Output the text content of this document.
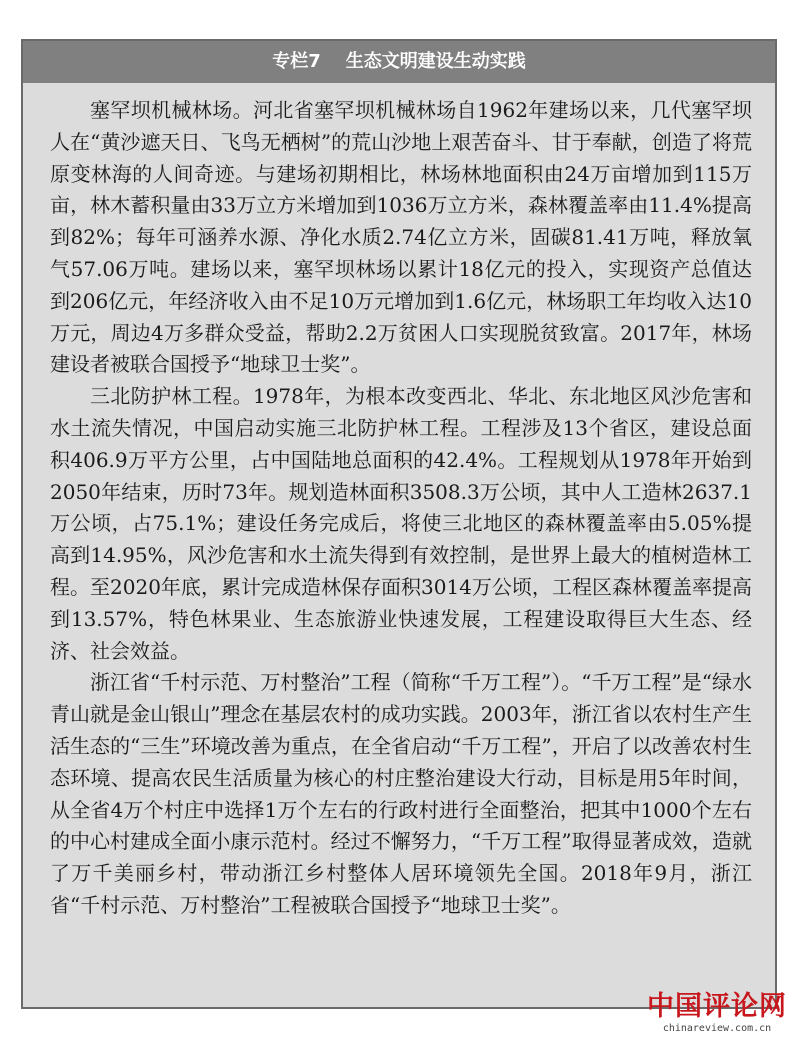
专栏7    生态文明建设生动实践

塞罕坝机械林场。河北省塞罕坝机械林场自1962年建场以来，几代塞罕坝人在“黄沙遮天日、飞鸟无栖树”的荒山沙地上艰苦奋斗、甘于奉献，创造了将荒原变林海的人间奇迹。与建场初期相比，林场林地面积由24万亩增加到115万亩，林木蓄积量由33万立方米增加到1036万立方米，森林覆盖率由11.4%提高到82%；每年可涵养水源、净化水质2.74亿立方米，固碳81.41万吨，释放氧气57.06万吨。建场以来，塞罕坝林场以累计18亿元的投入，实现资产总值达到206亿元，年经济收入由不足10万元增加到1.6亿元，林场职工年均收入达10万元，周边4万多群众受益，帮助2.2万贫困人口实现脱贫致富。2017年，林场建设者被联合国授予“地球卫士奖”。

三北防护林工程。1978年，为根本改变西北、华北、东北地区风沙危害和水土流失情况，中国启动实施三北防护林工程。工程涉及13个省区，建设总面积406.9万平方公里，占中国陆地总面积的42.4%。工程规划从1978年开始到2050年结束，历时73年。规划造林面积3508.3万公顷，其中人工造林2637.1万公顷，占75.1%；建设任务完成后，将使三北地区的森林覆盖率由5.05%提高到14.95%，风沙危害和水土流失得到有效控制，是世界上最大的植树造林工程。至2020年底，累计完成造林保存面积3014万公顷，工程区森林覆盖率提高到13.57%，特色林果业、生态旅游业快速发展，工程建设取得巨大生态、经济、社会效益。

浙江省“千村示范、万村整治”工程（简称“千万工程”）。“千万工程”是“绿水青山就是金山银山”理念在基层农村的成功实践。2003年，浙江省以农村生产生活生态的“三生”环境改善为重点，在全省启动“千万工程”，开启了以改善农村生态环境、提高农民生活质量为核心的村庄整治建设大行动，目标是用5年时间，从全省4万个村庄中选择1万个左右的行政村进行全面整治，把其中1000个左右的中心村建成全面小康示范村。经过不懈努力，“千万工程”取得显著成效，造就了万千美丽乡村，带动浙江乡村整体人居环境领先全国。2018年9月，浙江省“千村示范、万村整治”工程被联合国授予“地球卫士奖”。

中国评论网
chinareview.com.cn
